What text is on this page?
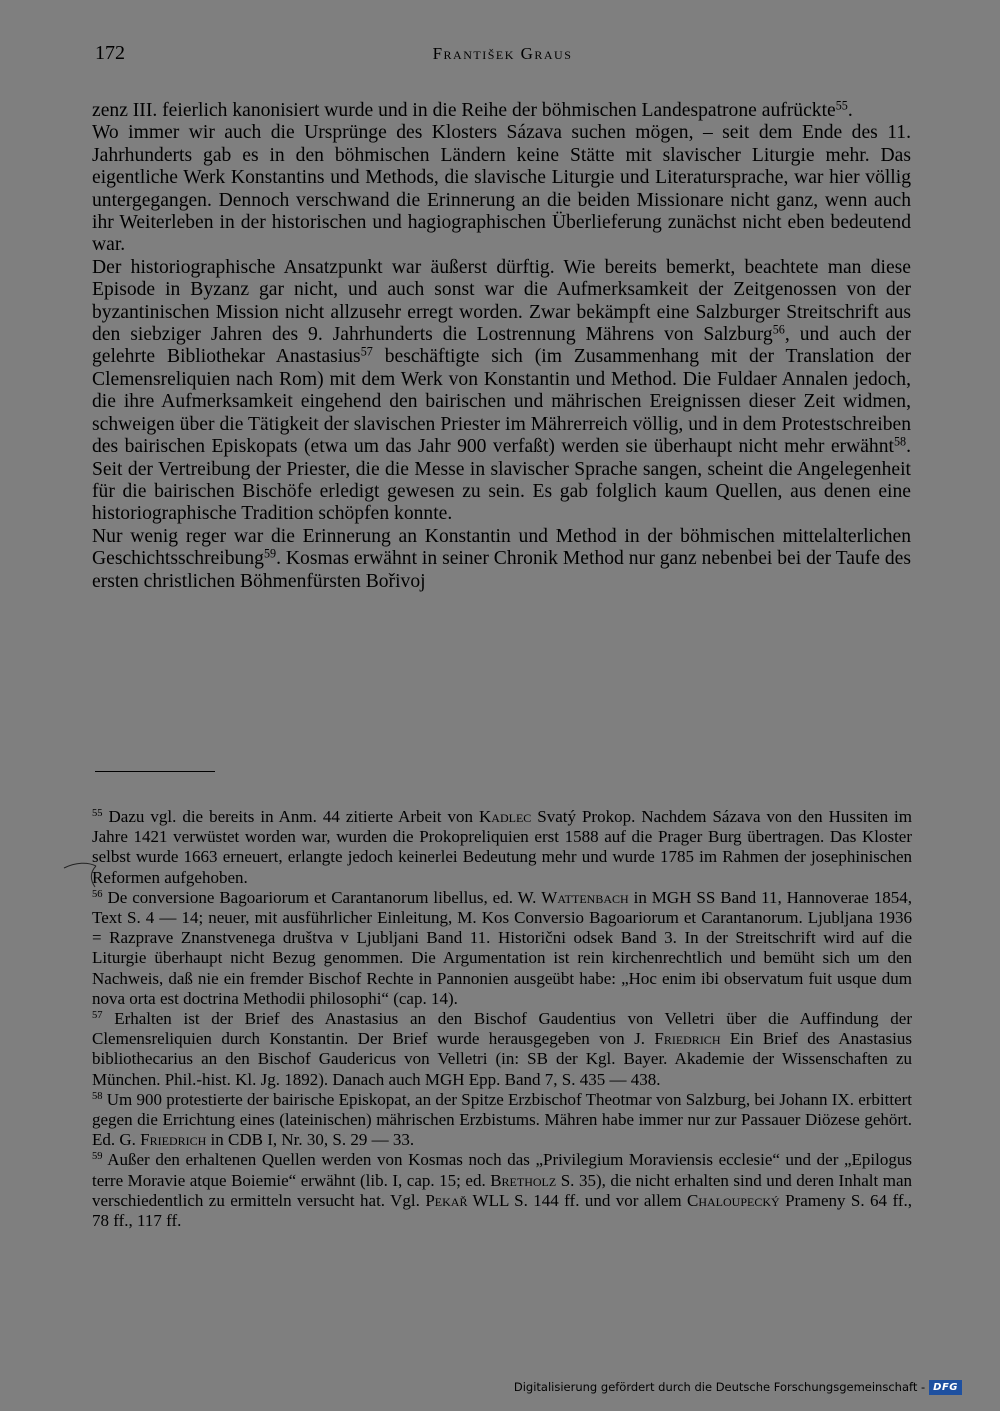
172	František Graus

zenz III. feierlich kanonisiert wurde und in die Reihe der böhmischen Landespatrone aufrückte$^{55}$.

Wo immer wir auch die Ursprünge des Klosters Sázava suchen mögen, – seit dem Ende des 11. Jahrhunderts gab es in den böhmischen Ländern keine Stätte mit slavischer Liturgie mehr. Das eigentliche Werk Konstantins und Methods, die slavische Liturgie und Literatursprache, war hier völlig untergegangen. Dennoch verschwand die Erinnerung an die beiden Missionare nicht ganz, wenn auch ihr Weiterleben in der historischen und hagiographischen Überlieferung zunächst nicht eben bedeutend war.

Der historiographische Ansatzpunkt war äußerst dürftig. Wie bereits bemerkt, beachtete man diese Episode in Byzanz gar nicht, und auch sonst war die Aufmerksamkeit der Zeitgenossen von der byzantinischen Mission nicht allzusehr erregt worden. Zwar bekämpft eine Salzburger Streitschrift aus den siebziger Jahren des 9. Jahrhunderts die Lostrennung Mährens von Salzburg$^{56}$, und auch der gelehrte Bibliothekar Anastasius$^{57}$ beschäftigte sich (im Zusammenhang mit der Translation der Clemensreliquien nach Rom) mit dem Werk von Konstantin und Method. Die Fuldaer Annalen jedoch, die ihre Aufmerksamkeit eingehend den bairischen und mährischen Ereignissen dieser Zeit widmen, schweigen über die Tätigkeit der slavischen Priester im Mährerreich völlig, und in dem Protestschreiben des bairischen Episkopats (etwa um das Jahr 900 verfaßt) werden sie überhaupt nicht mehr erwähnt$^{58}$. Seit der Vertreibung der Priester, die die Messe in slavischer Sprache sangen, scheint die Angelegenheit für die bairischen Bischöfe erledigt gewesen zu sein. Es gab folglich kaum Quellen, aus denen eine historiographische Tradition schöpfen konnte.

Nur wenig reger war die Erinnerung an Konstantin und Method in der böhmischen mittelalterlichen Geschichtsschreibung$^{59}$. Kosmas erwähnt in seiner Chronik Method nur ganz nebenbei bei der Taufe des ersten christlichen Böhmenfürsten Bořivoj

$^{55}$ Dazu vgl. die bereits in Anm. 44 zitierte Arbeit von Kadlec Svatý Prokop. Nachdem Sázava von den Hussiten im Jahre 1421 verwüstet worden war, wurden die Prokopreliquien erst 1588 auf die Prager Burg übertragen. Das Kloster selbst wurde 1663 erneuert, erlangte jedoch keinerlei Bedeutung mehr und wurde 1785 im Rahmen der josephinischen Reformen aufgehoben.

$^{56}$ De conversione Bagoariorum et Carantanorum libellus, ed. W. Wattenbach in MGH SS Band 11, Hannoverae 1854, Text S. 4 — 14; neuer, mit ausführlicher Einleitung, M. Kos Conversio Bagoariorum et Carantanorum. Ljubljana 1936 = Razprave Znanstvenega društva v Ljubljani Band 11. Historični odsek Band 3. In der Streitschrift wird auf die Liturgie überhaupt nicht Bezug genommen. Die Argumentation ist rein kirchenrechtlich und bemüht sich um den Nachweis, daß nie ein fremder Bischof Rechte in Pannonien ausgeübt habe: „Hoc enim ibi observatum fuit usque dum nova orta est doctrina Methodii philosophi“ (cap. 14).

$^{57}$ Erhalten ist der Brief des Anastasius an den Bischof Gaudentius von Velletri über die Auffindung der Clemensreliquien durch Konstantin. Der Brief wurde herausgegeben von J. Friedrich Ein Brief des Anastasius bibliothecarius an den Bischof Gaudericus von Velletri (in: SB der Kgl. Bayer. Akademie der Wissenschaften zu München. Phil.-hist. Kl. Jg. 1892). Danach auch MGH Epp. Band 7, S. 435 — 438.

$^{58}$ Um 900 protestierte der bairische Episkopat, an der Spitze Erzbischof Theotmar von Salzburg, bei Johann IX. erbittert gegen die Errichtung eines (lateinischen) mährischen Erzbistums. Mähren habe immer nur zur Passauer Diözese gehört. Ed. G. Friedrich in CDB I, Nr. 30, S. 29 — 33.

$^{59}$ Außer den erhaltenen Quellen werden von Kosmas noch das „Privilegium Moraviensis ecclesie“ und der „Epilogus terre Moravie atque Boiemie“ erwähnt (lib. I, cap. 15; ed. Bretholz S. 35), die nicht erhalten sind und deren Inhalt man verschiedentlich zu ermitteln versucht hat. Vgl. Pekař WLL S. 144 ff. und vor allem Chaloupecký Prameny S. 64 ff., 78 ff., 117 ff.

Digitalisierung gefördert durch die Deutsche Forschungsgemeinschaft - DFG
